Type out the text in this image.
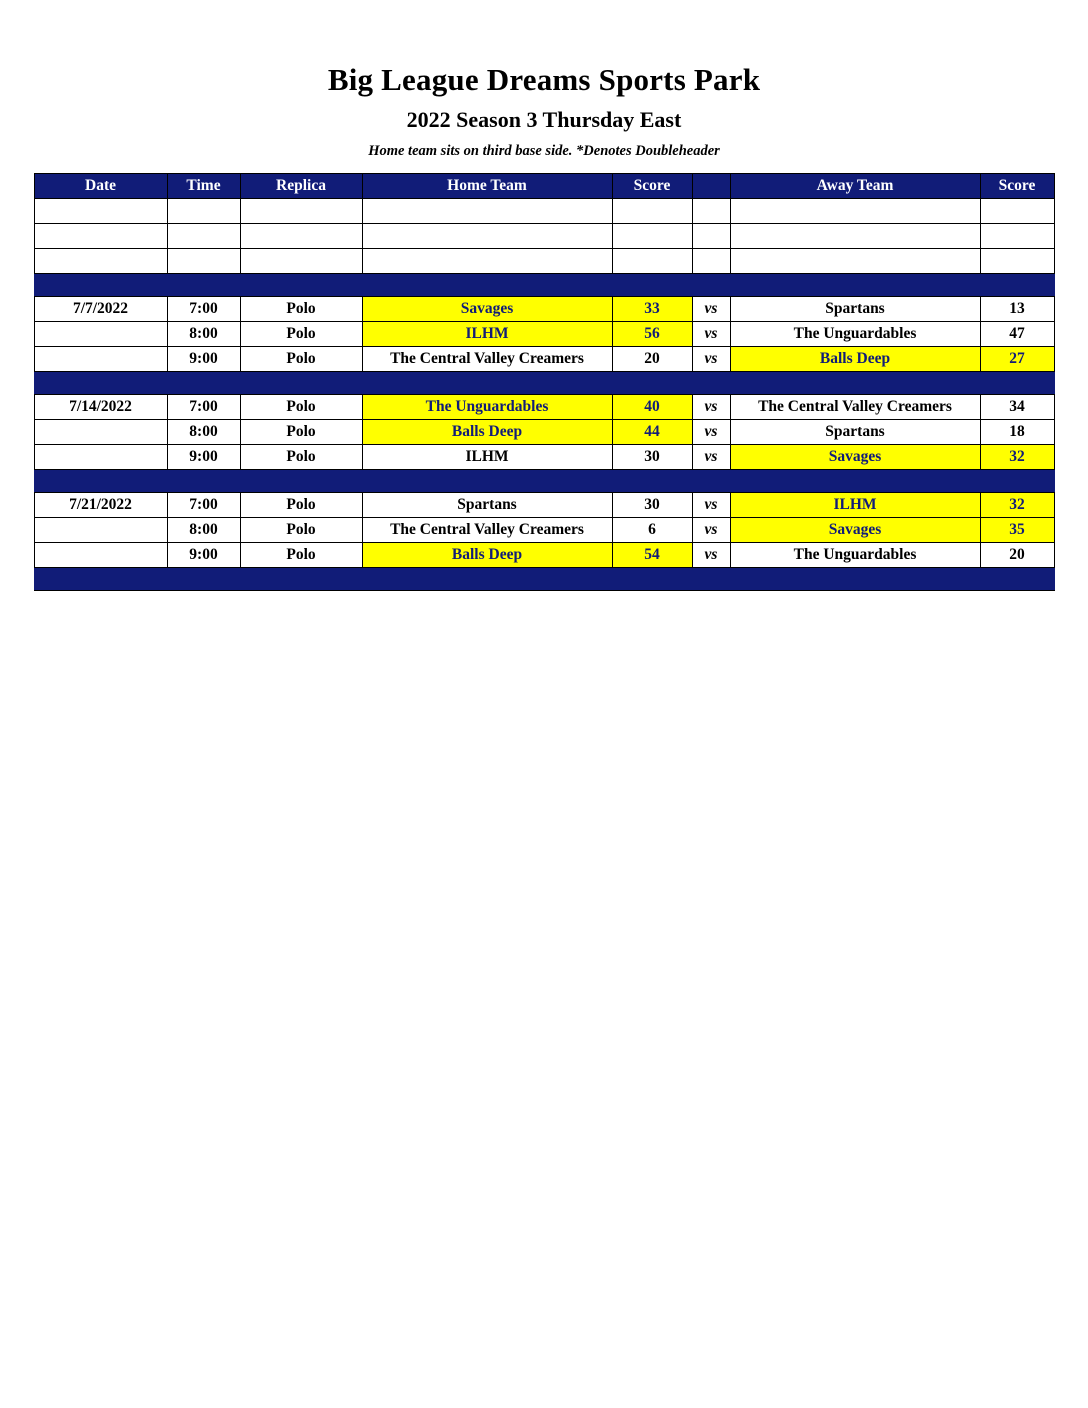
Big League Dreams Sports Park
2022 Season 3 Thursday East
Home team sits on third base side. *Denotes Doubleheader
Date	Time	Replica	Home Team	Score		Away Team	Score

7/7/2022	7:00	Polo	Savages	33	vs	Spartans	13
	8:00	Polo	ILHM	56	vs	The Unguardables	47
	9:00	Polo	The Central Valley Creamers	20	vs	Balls Deep	27

7/14/2022	7:00	Polo	The Unguardables	40	vs	The Central Valley Creamers	34
	8:00	Polo	Balls Deep	44	vs	Spartans	18
	9:00	Polo	ILHM	30	vs	Savages	32

7/21/2022	7:00	Polo	Spartans	30	vs	ILHM	32
	8:00	Polo	The Central Valley Creamers	6	vs	Savages	35
	9:00	Polo	Balls Deep	54	vs	The Unguardables	20
